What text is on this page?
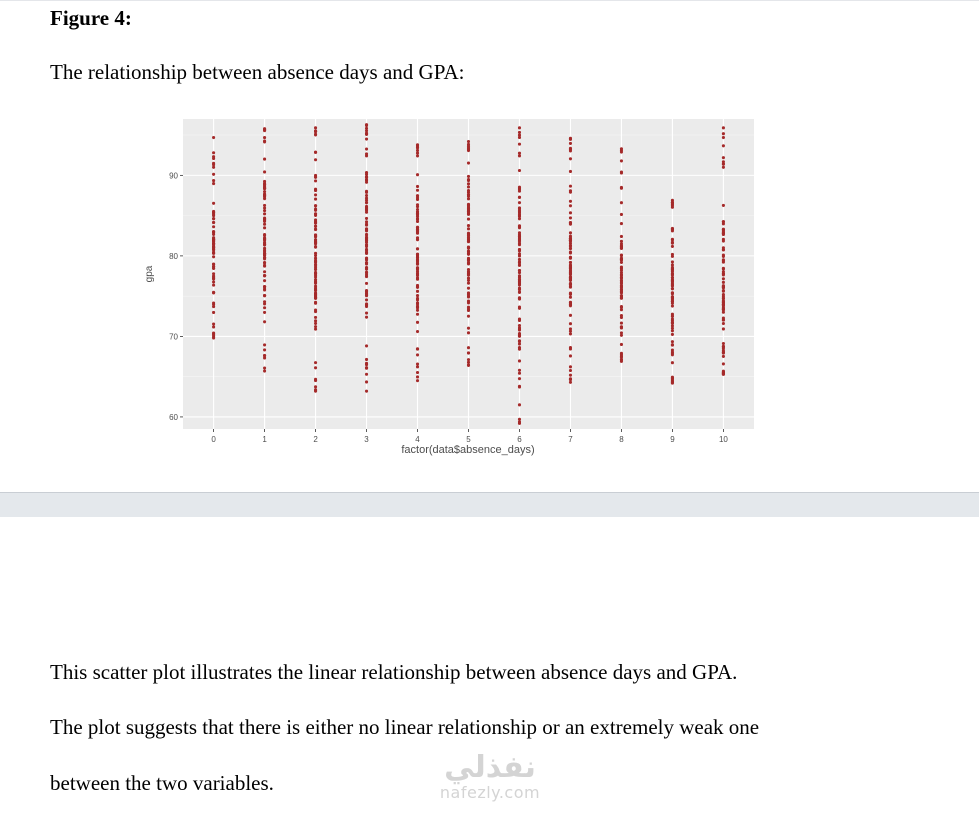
Figure 4:

The relationship between absence days and GPA:

60
70
80
90
0	1	2	3	4	5	6	7	8	9	10
gpa
factor(data$absence_days)

This scatter plot illustrates the linear relationship between absence days and GPA.

The plot suggests that there is either no linear relationship or an extremely weak one

between the two variables.	نفذلي
nafezly.com
